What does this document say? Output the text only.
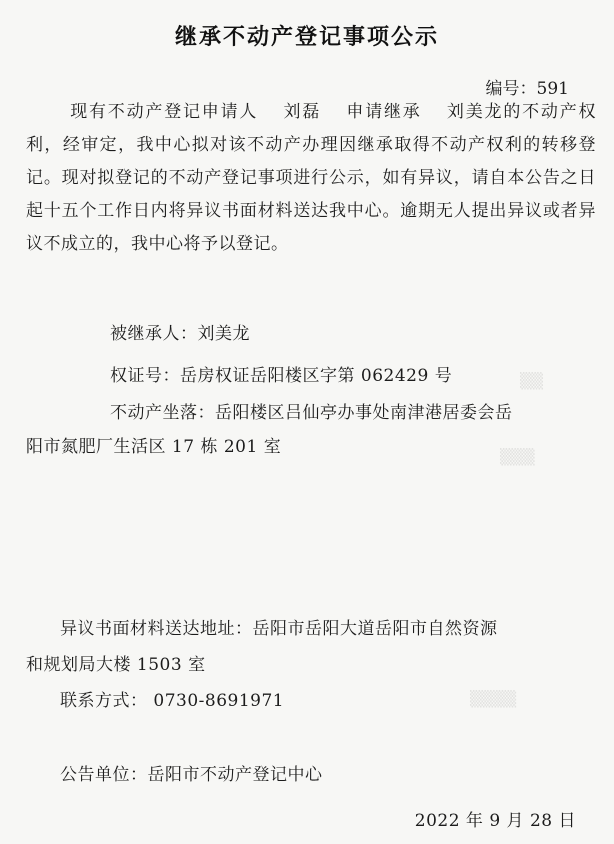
▒▒
▒▒▒
▒▒▒▒
继承不动产登记事项公示
编号：591
现有不动产登记申请人 刘磊 申请继承 刘美龙的不动产权利，经审定，我中心拟对该不动产办理因继承取得不动产权利的转移登记。现对拟登记的不动产登记事项进行公示，如有异议，请自本公告之日起十五个工作日内将异议书面材料送达我中心。逾期无人提出异议或者异议不成立的，我中心将予以登记。
被继承人：刘美龙
权证号：岳房权证岳阳楼区字第 062429 号
不动产坐落：岳阳楼区吕仙亭办事处南津港居委会岳
阳市氮肥厂生活区 17 栋 201 室
异议书面材料送达地址：岳阳市岳阳大道岳阳市自然资源
和规划局大楼 1503 室
联系方式： 0730-8691971
公告单位：岳阳市不动产登记中心
2022 年 9 月 28 日
